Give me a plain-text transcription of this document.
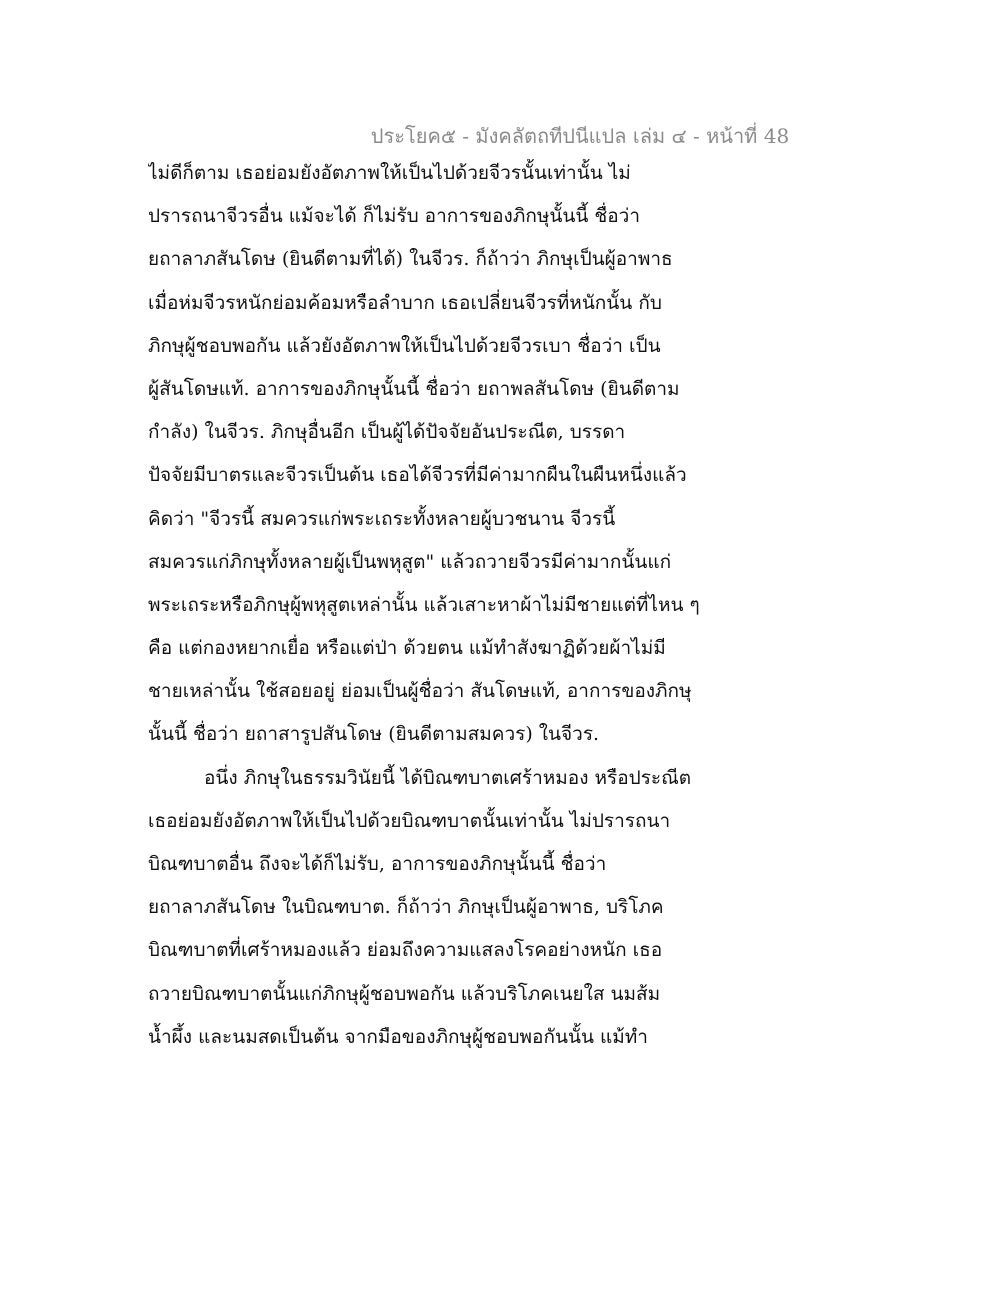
ประโยค๕ - มังคลัตถทีปนีแปล เล่ม ๔ - หน้าที่ 48
ไม่ดีก็ตาม เธอย่อมยังอัตภาพให้เป็นไปด้วยจีวรนั้นเท่านั้น ไม่
ปรารถนาจีวรอื่น แม้จะได้ ก็ไม่รับ อาการของภิกษุนั้นนี้ ชื่อว่า
ยถาลาภสันโดษ (ยินดีตามที่ได้) ในจีวร. ก็ถ้าว่า ภิกษุเป็นผู้อาพาธ
เมื่อห่มจีวรหนักย่อมค้อมหรือลำบาก เธอเปลี่ยนจีวรที่หนักนั้น กับ
ภิกษุผู้ชอบพอกัน แล้วยังอัตภาพให้เป็นไปด้วยจีวรเบา ชื่อว่า เป็น
ผู้สันโดษแท้. อาการของภิกษุนั้นนี้ ชื่อว่า ยถาพลสันโดษ (ยินดีตาม
กำลัง) ในจีวร. ภิกษุอื่นอีก เป็นผู้ได้ปัจจัยอันประณีต, บรรดา
ปัจจัยมีบาตรและจีวรเป็นต้น เธอได้จีวรที่มีค่ามากผืนในผืนหนึ่งแล้ว
คิดว่า "จีวรนี้ สมควรแก่พระเถระทั้งหลายผู้บวชนาน จีวรนี้
สมควรแก่ภิกษุทั้งหลายผู้เป็นพหุสูต" แล้วถวายจีวรมีค่ามากนั้นแก่
พระเถระหรือภิกษุผู้พหุสูตเหล่านั้น แล้วเสาะหาผ้าไม่มีชายแต่ที่ไหน ๆ
คือ แต่กองหยากเยื่อ หรือแต่ป่า ด้วยตน แม้ทำสังฆาฏิด้วยผ้าไม่มี
ชายเหล่านั้น ใช้สอยอยู่ ย่อมเป็นผู้ชื่อว่า สันโดษแท้, อาการของภิกษุ
นั้นนี้ ชื่อว่า ยถาสารูปสันโดษ (ยินดีตามสมควร) ในจีวร.
อนึ่ง ภิกษุในธรรมวินัยนี้ ได้บิณฑบาตเศร้าหมอง หรือประณีต
เธอย่อมยังอัตภาพให้เป็นไปด้วยบิณฑบาตนั้นเท่านั้น ไม่ปรารถนา
บิณฑบาตอื่น ถึงจะได้ก็ไม่รับ, อาการของภิกษุนั้นนี้ ชื่อว่า
ยถาลาภสันโดษ ในบิณฑบาต. ก็ถ้าว่า ภิกษุเป็นผู้อาพาธ, บริโภค
บิณฑบาตที่เศร้าหมองแล้ว ย่อมถึงความแสลงโรคอย่างหนัก เธอ
ถวายบิณฑบาตนั้นแก่ภิกษุผู้ชอบพอกัน แล้วบริโภคเนยใส นมส้ม
น้ำผึ้ง และนมสดเป็นต้น จากมือของภิกษุผู้ชอบพอกันนั้น แม้ทำ
